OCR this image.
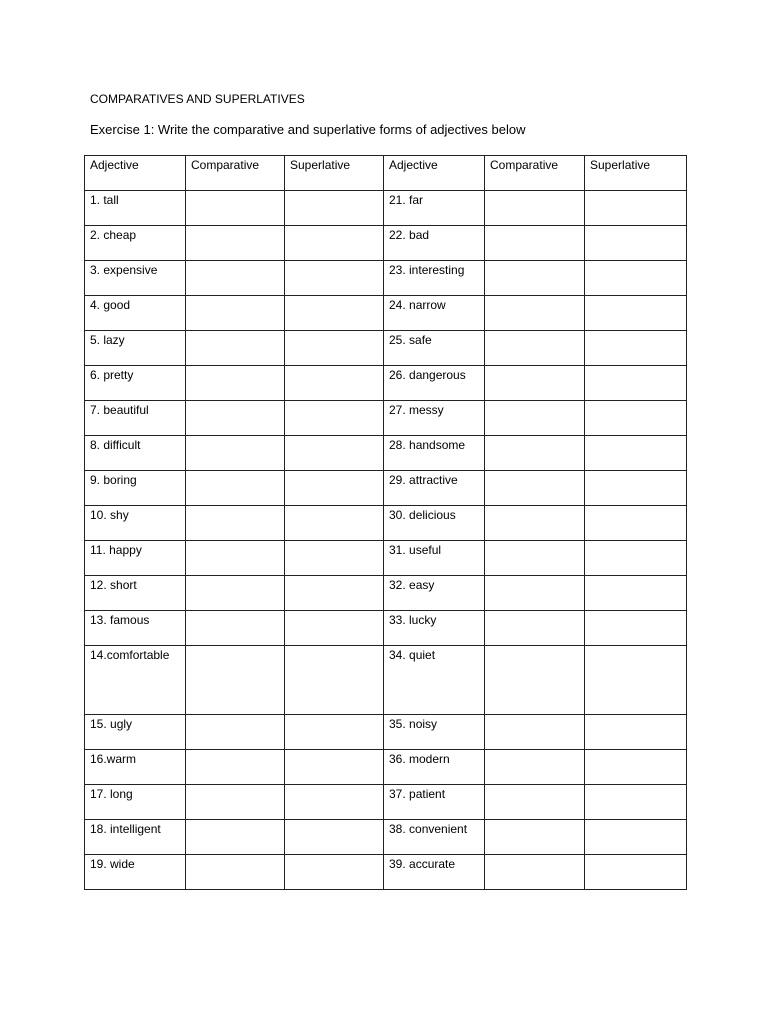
COMPARATIVES AND SUPERLATIVES
Exercise 1: Write the comparative and superlative forms of adjectives below
Adjective	Comparative	Superlative	Adjective	Comparative	Superlative
1. tall			21. far		
2. cheap			22. bad		
3. expensive			23. interesting		
4. good			24. narrow		
5. lazy			25. safe		
6. pretty			26. dangerous		
7. beautiful			27. messy		
8. difficult			28. handsome		
9. boring			29. attractive		
10. shy			30. delicious		
11. happy			31. useful		
12. short			32. easy		
13. famous			33. lucky		

14.comfortable			34. quiet		
15. ugly			35. noisy		
16.warm			36. modern		
17. long			37. patient		
18. intelligent			38. convenient		
19. wide			39. accurate		
